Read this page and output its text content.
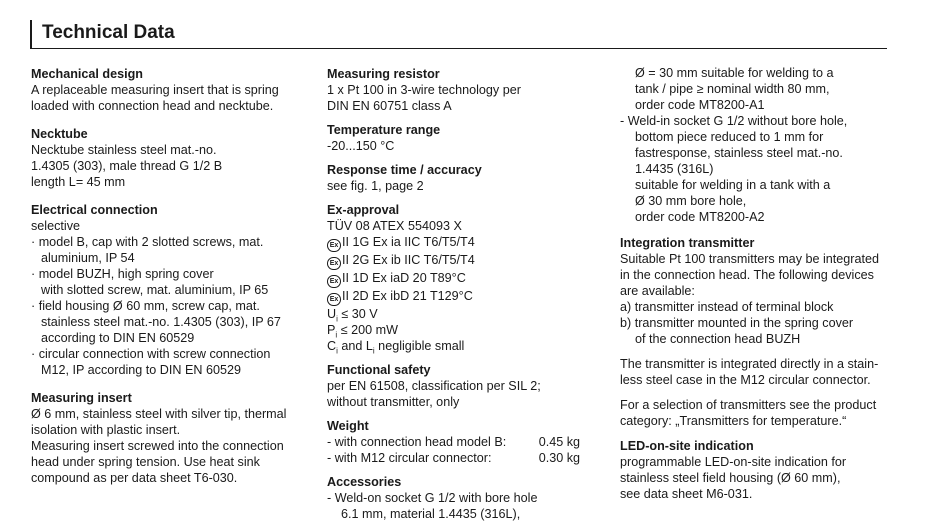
Technical Data
Mechanical design
A replaceable measuring insert that is spring
loaded with connection head and necktube.
Necktube
Necktube stainless steel mat.-no.
1.4305 (303), male thread G 1/2 B
length L= 45 mm
Electrical connection
selective
· model B, cap with 2 slotted screws, mat.
aluminium, IP 54
· model BUZH, high spring cover
with slotted screw, mat. aluminium, IP 65
· field housing Ø 60 mm, screw cap, mat.
stainless steel mat.-no. 1.4305 (303), IP 67
according to DIN EN 60529
· circular connection with screw connection
M12, IP according to DIN EN 60529
Measuring insert
Ø 6 mm, stainless steel with silver tip, thermal
isolation with plastic insert.
Measuring insert screwed into the connection
head under spring tension. Use heat sink
compound as per data sheet T6-030.
Measuring resistor
1 x Pt 100 in 3-wire technology per
DIN EN 60751 class A
Temperature range
-20...150 °C
Response time / accuracy
see fig. 1, page 2
Ex-approval
TÜV 08 ATEX 554093 X
Ex II 1G Ex ia IIC T6/T5/T4
Ex II 2G Ex ib IIC T6/T5/T4
Ex II 1D Ex iaD 20 T89°C
Ex II 2D Ex ibD 21 T129°C
$U_i \le 30$ V
$P_i \le 200$ mW
$C_i$ and $L_i$ negligible small
Functional safety
per EN 61508, classification per SIL 2;
without transmitter, only
Weight
- with connection head model B:	0.45 kg
- with M12 circular connector:	0.30 kg
Accessories
- Weld-on socket G 1/2 with bore hole
6.1 mm, material 1.4435 (316L),
Ø = 30 mm suitable for welding to a
tank / pipe ≥ nominal width 80 mm,
order code MT8200-A1
- Weld-in socket G 1/2 without bore hole,
bottom piece reduced to 1 mm for
fastresponse, stainless steel mat.-no.
1.4435 (316L)
suitable for welding in a tank with a
Ø 30 mm bore hole,
order code MT8200-A2
Integration transmitter
Suitable Pt 100 transmitters may be integrated
in the connection head. The following devices
are available:
a) transmitter instead of terminal block
b) transmitter mounted in the spring cover
of the connection head BUZH
The transmitter is integrated directly in a stain-
less steel case in the M12 circular connector.
For a selection of transmitters see the product
category: „Transmitters for temperature.“
LED-on-site indication
programmable LED-on-site indication for
stainless steel field housing (Ø 60 mm),
see data sheet M6-031.
